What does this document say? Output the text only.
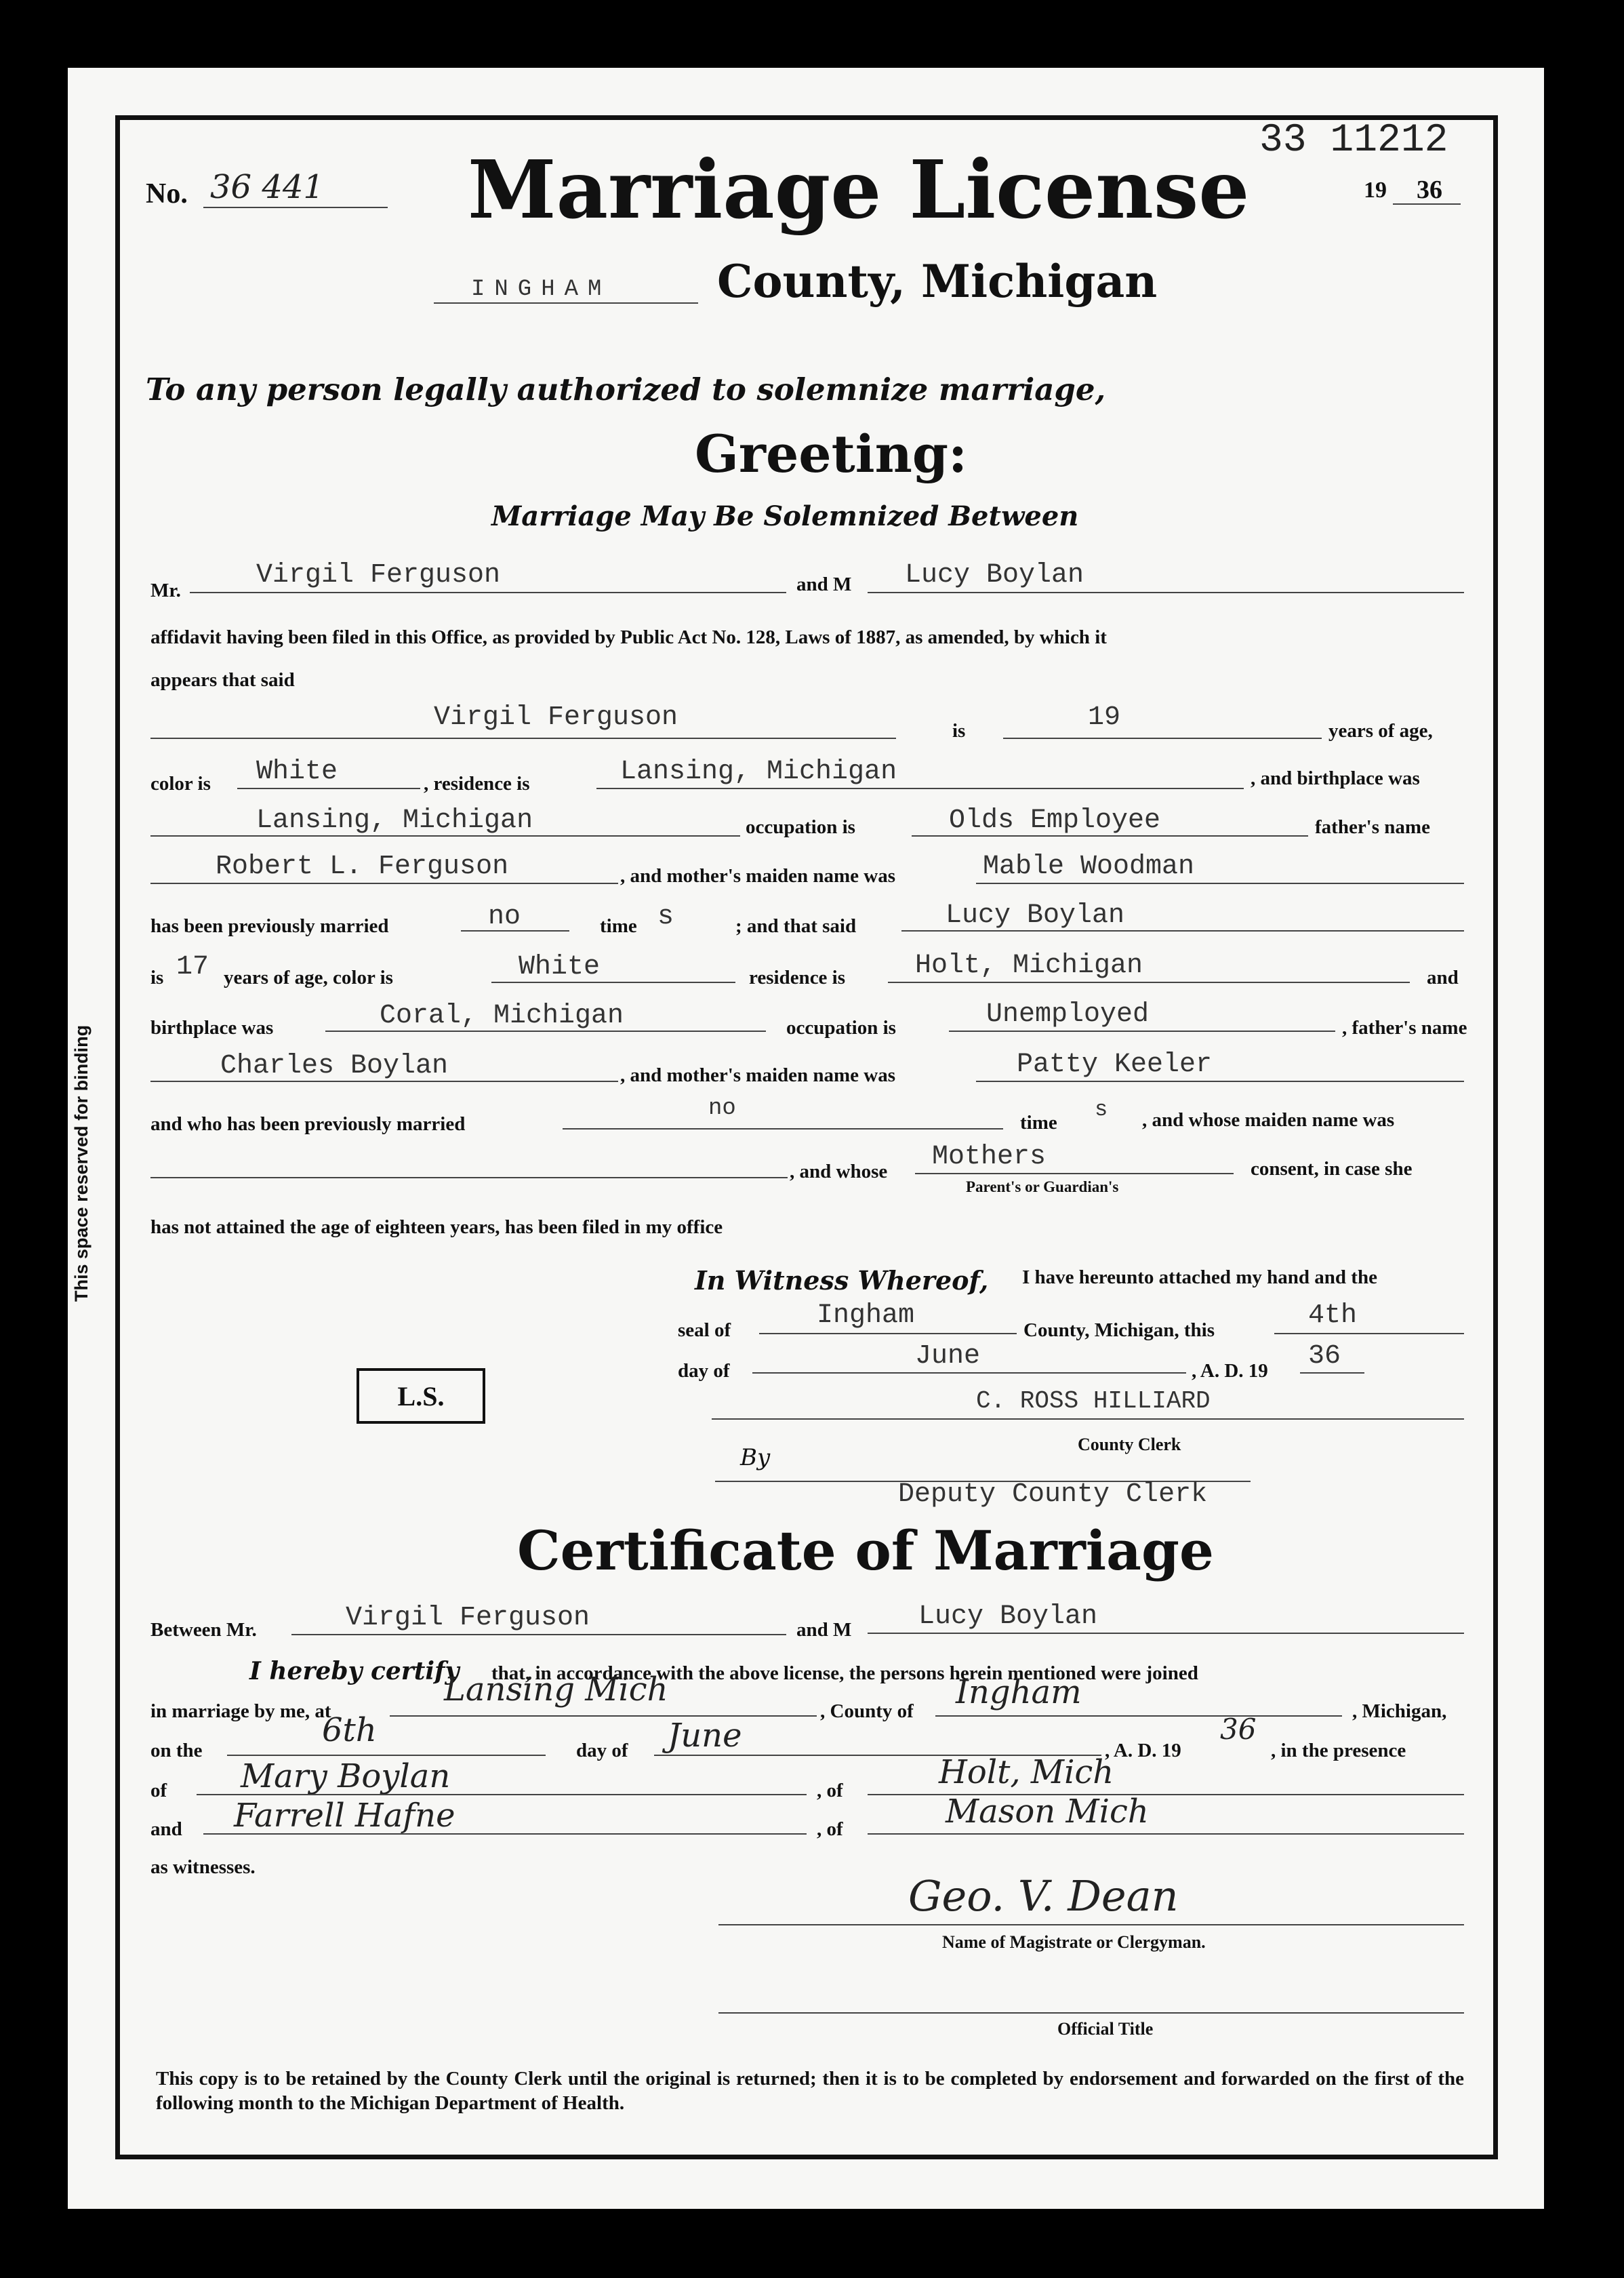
This space reserved for binding
No. 36 441 Marriage License
33 11212
19 36
INGHAM County, Michigan
To any person legally authorized to solemnize marriage,
Greeting:
Marriage May Be Solemnized Between
Mr.	Virgil Ferguson	and M Lucy Boylan
affidavit having been filed in this Office, as provided by Public Act No. 128, Laws of 1887, as amended, by which it
appears that said
Virgil Ferguson	is	19	years of age,
color is White	, residence is	Lansing, Michigan	, and birthplace was
Lansing, Michigan	occupation is	Olds Employee	father's name
Robert L. Ferguson	, and mother's maiden name was	Mable Woodman
has been previously married	no	time s	; and that said	Lucy Boylan
is 17 years of age, color is	White	residence is	Holt, Michigan	and
birthplace was	Coral, Michigan	occupation is	Unemployed	, father's name
Charles Boylan	, and mother's maiden name was	Patty Keeler
and who has been previously married
no
time
s , and whose maiden name was
, and whose Mothers
Parent's or Guardian's
consent, in case she
has not attained the age of eighteen years, has been filed in my office
In Witness Whereof, I have hereunto attached my hand and the
seal of	Ingham	County, Michigan, this	4th
day of	June	, A. D. 19 36
L.S.	C. ROSS HILLIARD
County Clerk
By
Deputy County Clerk
Certificate of Marriage
Between Mr.	Virgil Ferguson	and M Lucy Boylan
I hereby certify that, in accordance with the above license, the persons herein mentioned were joined
in marriage by me, at
Lansing Mich
, County of Ingham	, Michigan,
on the
6th
day of June	, A. D. 19
36
, in the presence
of Mary Boylan	, of	Holt, Mich
and Farrell Hafne	, of	Mason Mich
as witnesses.
Geo. V. Dean
Name of Magistrate or Clergyman.
Official Title
This copy is to be retained by the County Clerk until the original is returned; then it is to be completed by endorsement and forwarded on the first of the following month to the Michigan Department of Health.
